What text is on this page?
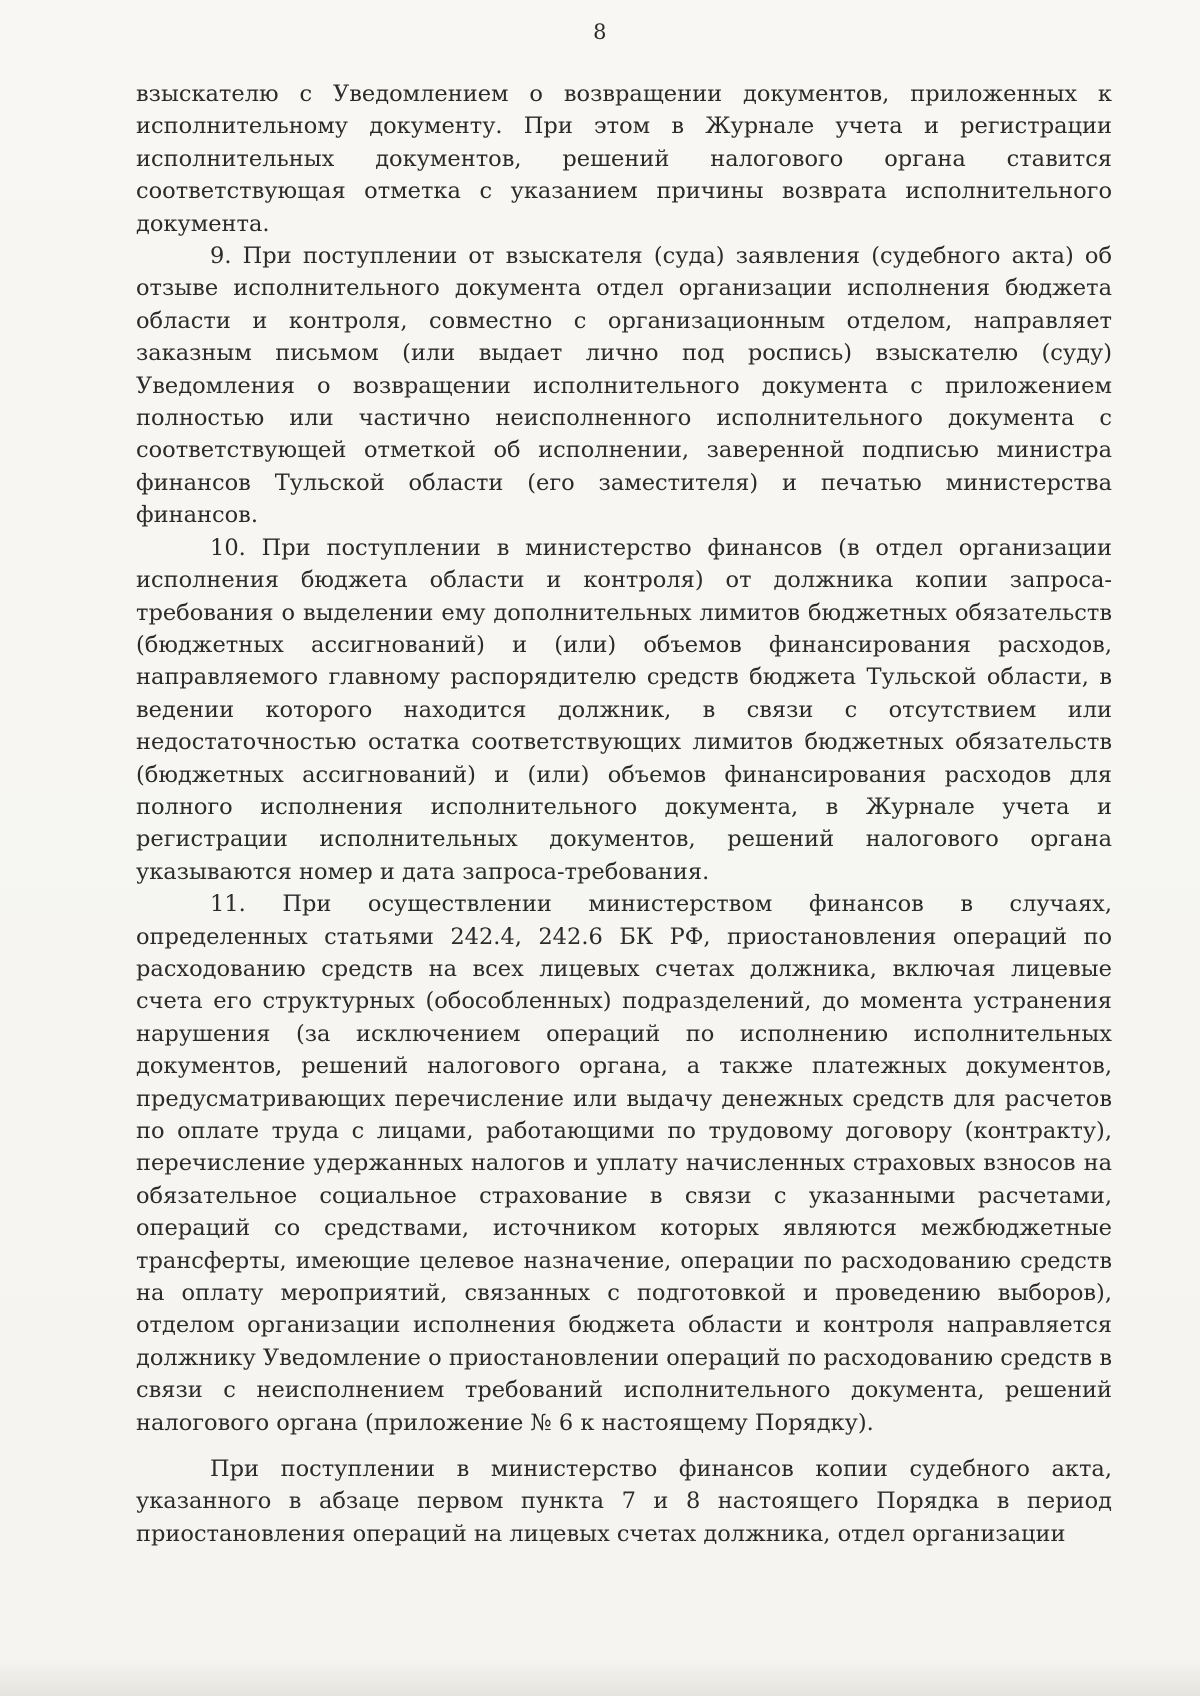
8

взыскателю с Уведомлением о возвращении документов, приложенных к исполнительному документу. При этом в Журнале учета и регистрации исполнительных документов, решений налогового органа ставится соответствующая отметка с указанием причины возврата исполнительного документа.

9. При поступлении от взыскателя (суда) заявления (судебного акта) об отзыве исполнительного документа отдел организации исполнения бюджета области и контроля, совместно с организационным отделом, направляет заказным письмом (или выдает лично под роспись) взыскателю (суду) Уведомления о возвращении исполнительного документа с приложением полностью или частично неисполненного исполнительного документа с соответствующей отметкой об исполнении, заверенной подписью министра финансов Тульской области (его заместителя) и печатью министерства финансов.

10. При поступлении в министерство финансов (в отдел организации исполнения бюджета области и контроля) от должника копии запроса-требования о выделении ему дополнительных лимитов бюджетных обязательств (бюджетных ассигнований) и (или) объемов финансирования расходов, направляемого главному распорядителю средств бюджета Тульской области, в ведении которого находится должник, в связи с отсутствием или недостаточностью остатка соответствующих лимитов бюджетных обязательств (бюджетных ассигнований) и (или) объемов финансирования расходов для полного исполнения исполнительного документа, в Журнале учета и регистрации исполнительных документов, решений налогового органа указываются номер и дата запроса-требования.

11. При осуществлении министерством финансов в случаях, определенных статьями 242.4, 242.6 БК РФ, приостановления операций по расходованию средств на всех лицевых счетах должника, включая лицевые счета его структурных (обособленных) подразделений, до момента устранения нарушения (за исключением операций по исполнению исполнительных документов, решений налогового органа, а также платежных документов, предусматривающих перечисление или выдачу денежных средств для расчетов по оплате труда с лицами, работающими по трудовому договору (контракту), перечисление удержанных налогов и уплату начисленных страховых взносов на обязательное социальное страхование в связи с указанными расчетами, операций со средствами, источником которых являются межбюджетные трансферты, имеющие целевое назначение, операции по расходованию средств на оплату мероприятий, связанных с подготовкой и проведению выборов), отделом организации исполнения бюджета области и контроля направляется должнику Уведомление о приостановлении операций по расходованию средств в связи с неисполнением требований исполнительного документа, решений налогового органа (приложение № 6 к настоящему Порядку).

При поступлении в министерство финансов копии судебного акта, указанного в абзаце первом пункта 7 и 8 настоящего Порядка в период приостановления операций на лицевых счетах должника, отдел организации
